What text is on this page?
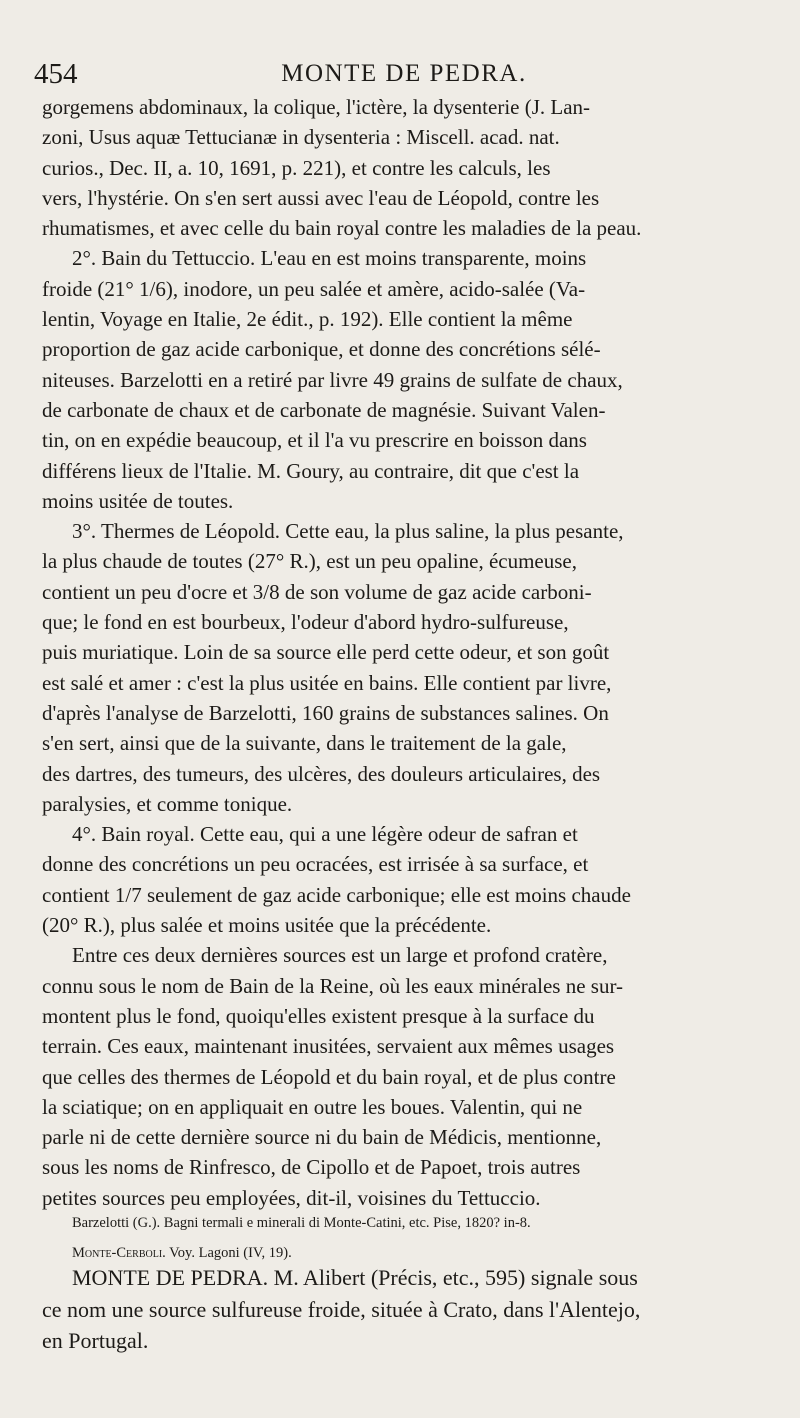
454	MONTE DE PEDRA.
gorgemens abdominaux, la colique, l'ictère, la dysenterie (J. Lan-
zoni, Usus aquæ Tettucianæ in dysenteria : Miscell. acad. nat.
curios., Dec. II, a. 10, 1691, p. 221), et contre les calculs, les
vers, l'hystérie. On s'en sert aussi avec l'eau de Léopold, contre les
rhumatismes, et avec celle du bain royal contre les maladies de la peau.
2°. Bain du Tettuccio. L'eau en est moins transparente, moins
froide (21° 1/6), inodore, un peu salée et amère, acido-salée (Va-
lentin, Voyage en Italie, 2e édit., p. 192). Elle contient la même
proportion de gaz acide carbonique, et donne des concrétions sélé-
niteuses. Barzelotti en a retiré par livre 49 grains de sulfate de chaux,
de carbonate de chaux et de carbonate de magnésie. Suivant Valen-
tin, on en expédie beaucoup, et il l'a vu prescrire en boisson dans
différens lieux de l'Italie. M. Goury, au contraire, dit que c'est la
moins usitée de toutes.
3°. Thermes de Léopold. Cette eau, la plus saline, la plus pesante,
la plus chaude de toutes (27° R.), est un peu opaline, écumeuse,
contient un peu d'ocre et 3/8 de son volume de gaz acide carboni-
que; le fond en est bourbeux, l'odeur d'abord hydro-sulfureuse,
puis muriatique. Loin de sa source elle perd cette odeur, et son goût
est salé et amer : c'est la plus usitée en bains. Elle contient par livre,
d'après l'analyse de Barzelotti, 160 grains de substances salines. On
s'en sert, ainsi que de la suivante, dans le traitement de la gale,
des dartres, des tumeurs, des ulcères, des douleurs articulaires, des
paralysies, et comme tonique.
4°. Bain royal. Cette eau, qui a une légère odeur de safran et
donne des concrétions un peu ocracées, est irrisée à sa surface, et
contient 1/7 seulement de gaz acide carbonique; elle est moins chaude
(20° R.), plus salée et moins usitée que la précédente.
Entre ces deux dernières sources est un large et profond cratère,
connu sous le nom de Bain de la Reine, où les eaux minérales ne sur-
montent plus le fond, quoiqu'elles existent presque à la surface du
terrain. Ces eaux, maintenant inusitées, servaient aux mêmes usages
que celles des thermes de Léopold et du bain royal, et de plus contre
la sciatique; on en appliquait en outre les boues. Valentin, qui ne
parle ni de cette dernière source ni du bain de Médicis, mentionne,
sous les noms de Rinfresco, de Cipollo et de Papoet, trois autres
petites sources peu employées, dit-il, voisines du Tettuccio.
Barzelotti (G.). Bagni termali e minerali di Monte-Catini, etc. Pise, 1820? in-8.
Monte-Cerboli. Voy. Lagoni (IV, 19).
MONTE DE PEDRA. M. Alibert (Précis, etc., 595) signale sous
ce nom une source sulfureuse froide, située à Crato, dans l'Alentejo,
en Portugal.
